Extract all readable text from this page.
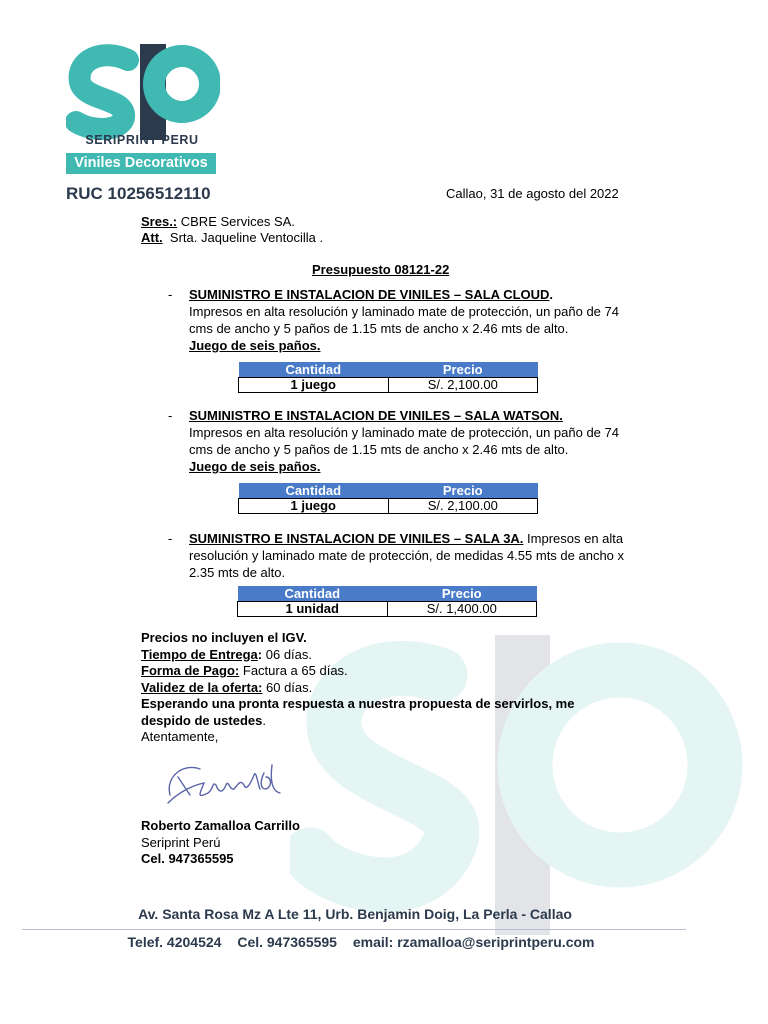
SERIPRINT PERU
Viniles Decorativos
RUC 10256512110	Callao, 31 de agosto del 2022
Sres.: CBRE Services SA.
Att.  Srta. Jaqueline Ventocilla .
Presupuesto 08121-22
- SUMINISTRO E INSTALACION DE VINILES – SALA CLOUD.
Impresos en alta resolución y laminado mate de protección, un paño de 74 cms de ancho y 5 paños de 1.15 mts de ancho x 2.46 mts de alto.
Juego de seis paños.
Cantidad	Precio
1 juego	S/. 2,100.00
- SUMINISTRO E INSTALACION DE VINILES – SALA WATSON.
Impresos en alta resolución y laminado mate de protección, un paño de 74 cms de ancho y 5 paños de 1.15 mts de ancho x 2.46 mts de alto.
Juego de seis paños.
Cantidad	Precio
1 juego	S/. 2,100.00
- SUMINISTRO E INSTALACION DE VINILES – SALA 3A. Impresos en alta resolución y laminado mate de protección, de medidas 4.55 mts de ancho x 2.35 mts de alto.
Cantidad	Precio
1 unidad	S/. 1,400.00
Precios no incluyen el IGV.
Tiempo de Entrega: 06 días.
Forma de Pago: Factura a 65 días.
Validez de la oferta: 60 días.
Esperando una pronta respuesta a nuestra propuesta de servirlos, me despido de ustedes.
Atentamente,
Roberto Zamalloa Carrillo
Seriprint Perú
Cel. 947365595
Av. Santa Rosa Mz A Lte 11, Urb. Benjamin Doig, La Perla - Callao
Telef. 4204524 Cel. 947365595 email: rzamalloa@seriprintperu.com
